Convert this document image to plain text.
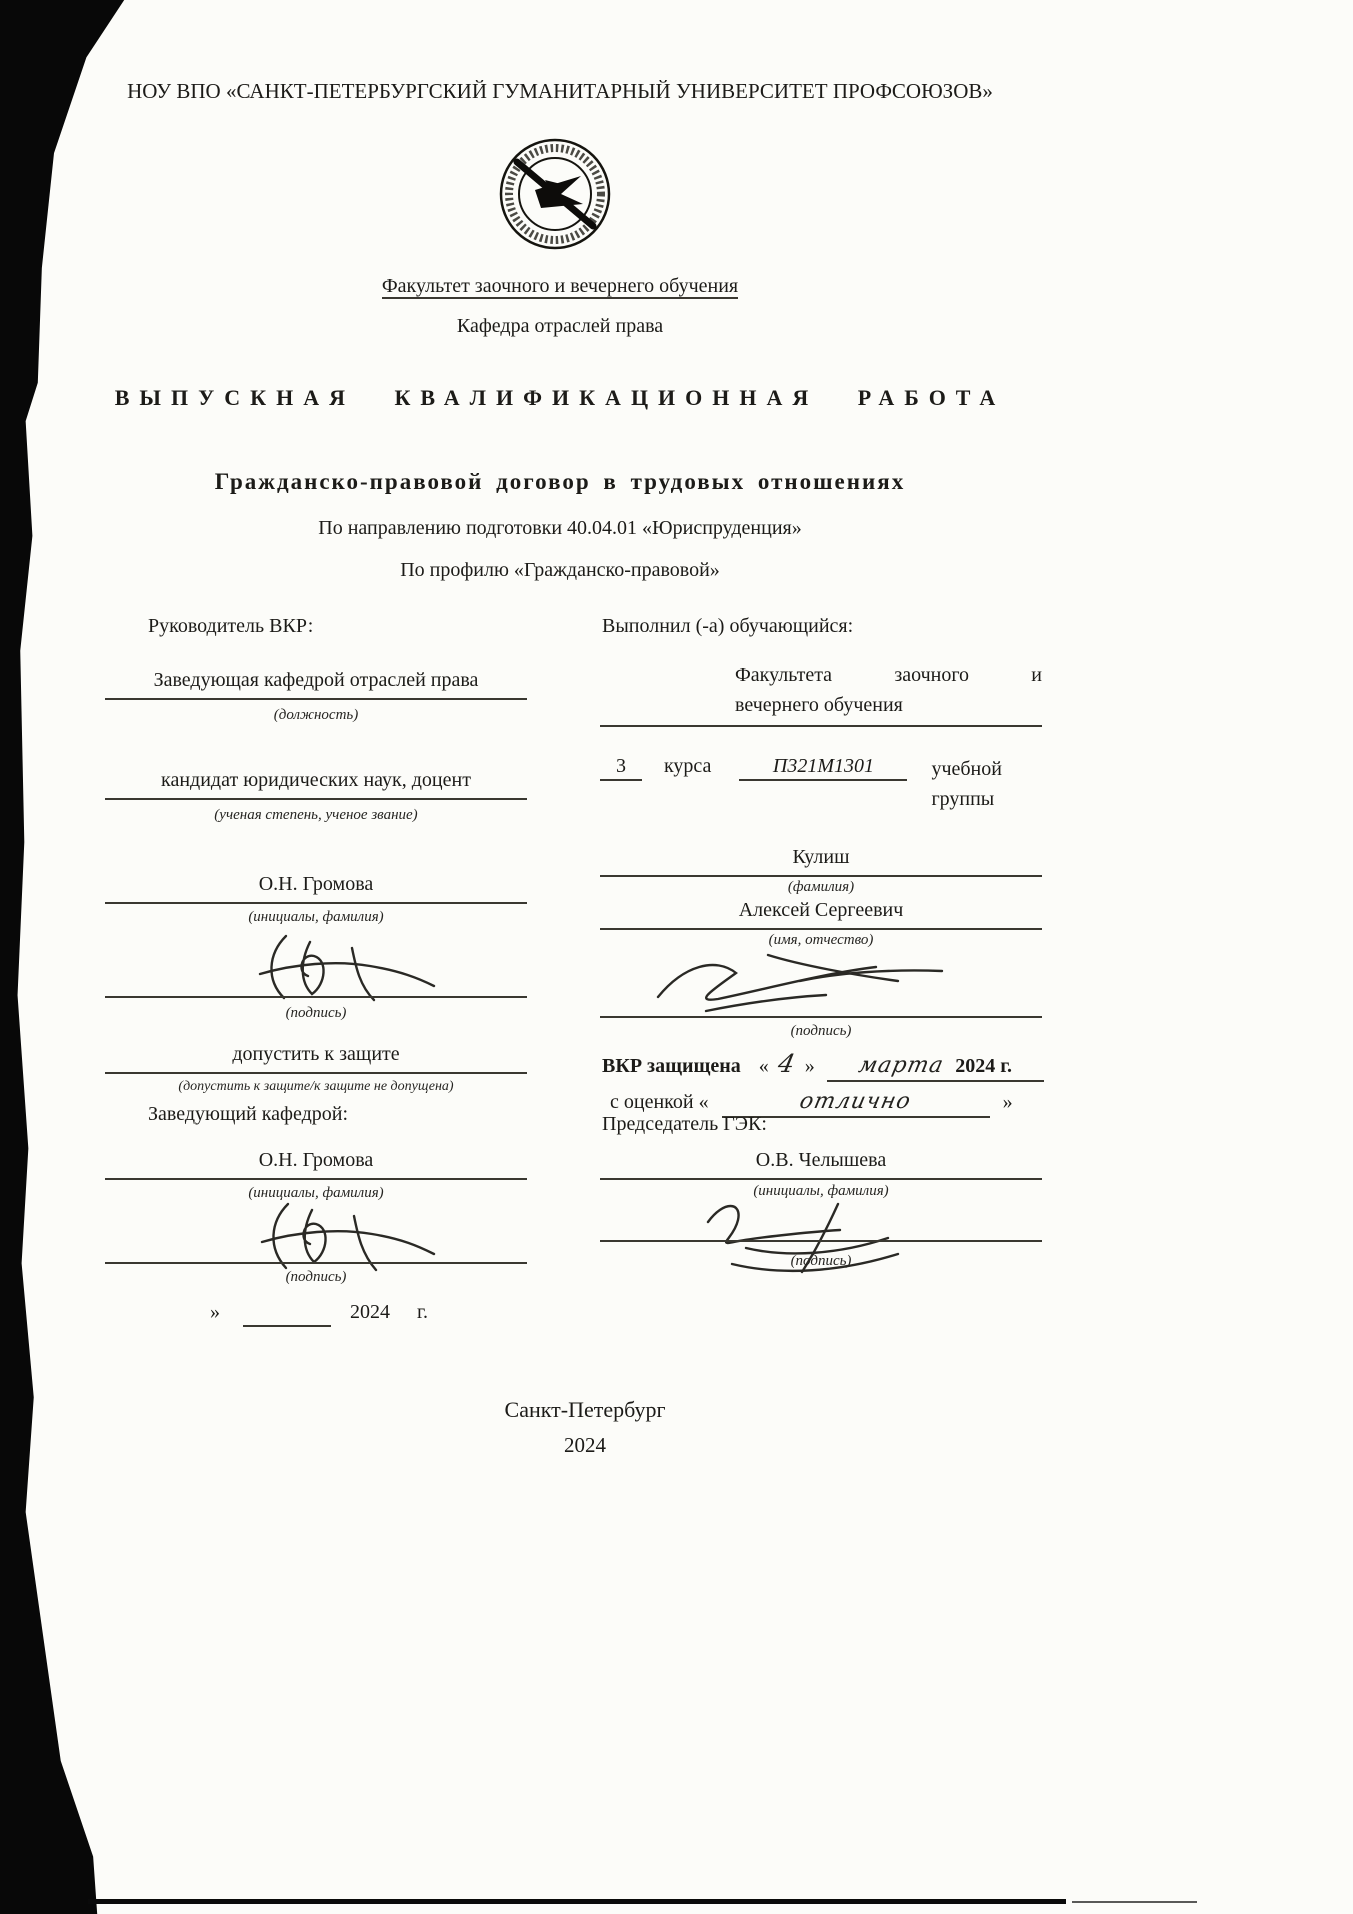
НОУ ВПО «САНКТ-ПЕТЕРБУРГСКИЙ ГУМАНИТАРНЫЙ УНИВЕРСИТЕТ ПРОФСОЮЗОВ»
Факультет заочного и вечернего обучения
Кафедра отраслей права
ВЫПУСКНАЯ КВАЛИФИКАЦИОННАЯ РАБОТА
Гражданско-правовой договор в трудовых отношениях
По направлению подготовки 40.04.01 «Юриспруденция»
По профилю «Гражданско-правовой»
Руководитель ВКР:
Заведующая кафедрой отраслей права
(должность)
кандидат юридических наук, доцент
(ученая степень, ученое звание)
О.Н. Громова
(инициалы, фамилия)
(подпись)
допустить к защите
(допустить к защите/к защите не допущена)
Заведующий кафедрой:
О.Н. Громова
(инициалы, фамилия)
(подпись)
»	2024 г.
Выполнил (-а) обучающийся:
Факультета	заочного	и
вечернего обучения
3	курса	П321М1301	учебной
группы
Кулиш
(фамилия)
Алексей Сергеевич
(имя, отчество)
(подпись)
ВКР защищена « 4 » марта 2024 г.
с оценкой «	отлично	»
Председатель ГЭК:
О.В. Челышева
(инициалы, фамилия)
(подпись)
Санкт-Петербург
2024
